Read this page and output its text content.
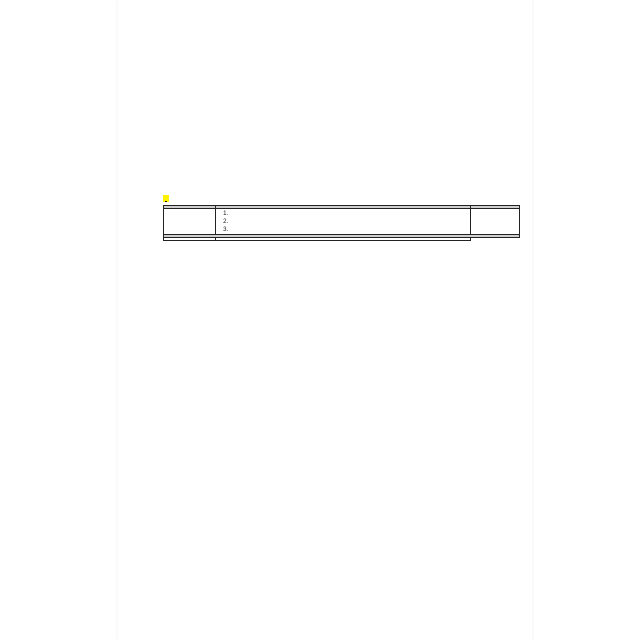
1.
2.
3.
